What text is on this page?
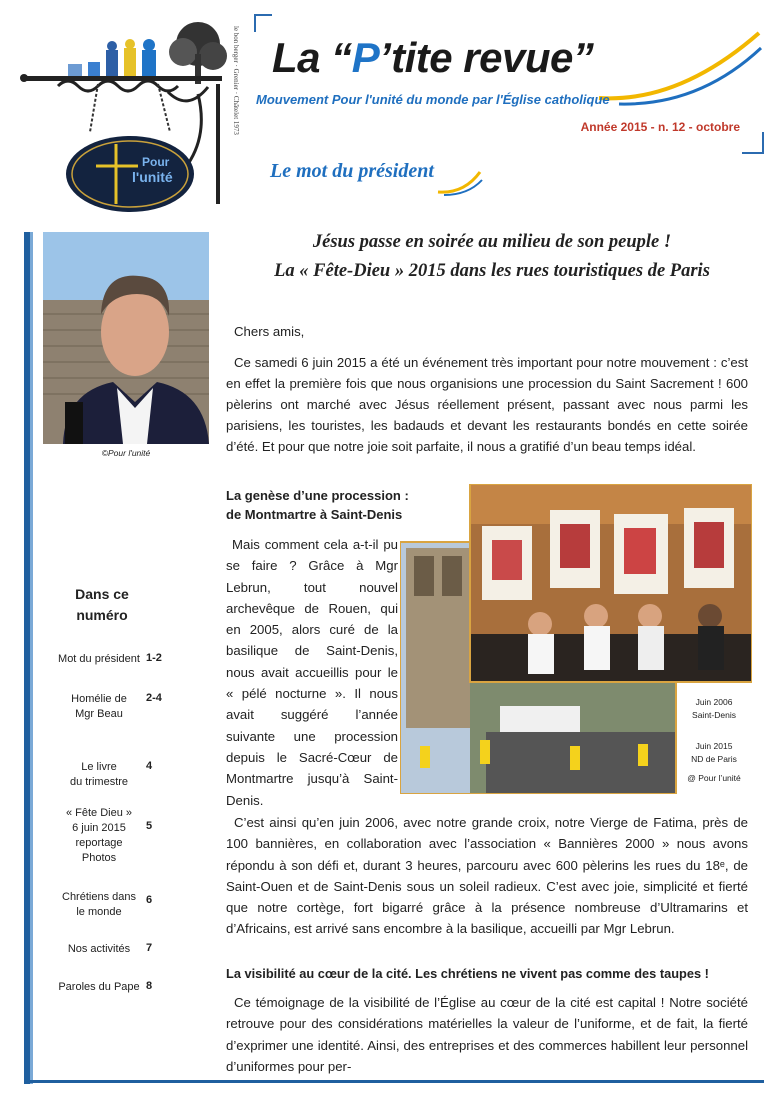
Pour
l'unité
le bon berger · Grenier · Châtelet 1973 La “P’tite revue”
Mouvement Pour l'unité du monde par l'Église catholique
Année 2015 - n. 12 - octobre
Le mot du président
©Pour l'unité
Dans ce
numéro
Mot du président 1-2
Homélie de
Mgr Beau
2-4
Le livre
du trimestre
4
« Fête Dieu »
6 juin 2015
reportage
Photos
5
Chrétiens dans
le monde
6
Nos activités	7
Paroles du Pape 8
Jésus passe en soirée au milieu de son peuple !
La « Fête-Dieu » 2015 dans les rues touristiques de Paris
Chers amis,
Ce samedi 6 juin 2015 a été un événement très important pour notre mouvement : c’est en effet la première fois que nous organisions une procession du Saint Sacrement ! 600 pèlerins ont marché avec Jésus réellement présent, passant avec nous parmi les parisiens, les touristes, les badauds et devant les restaurants bondés en cette soirée d’été. Et pour que notre joie soit parfaite, il nous a gratifié d’un beau temps idéal.
La genèse d’une procession :
de Montmartre à Saint-Denis
Mais comment cela a-t-il pu se faire ? Grâce à Mgr Lebrun, tout nouvel archevêque de Rouen, qui en 2005, alors curé de la basilique de Saint-Denis, nous avait accueillis pour le « pélé nocturne ». Il nous avait suggéré l’année suivante une procession depuis le Sacré-Cœur de Montmartre jusqu’à Saint-Denis.
Juin 2006
Saint-Denis
Juin 2015
ND de Paris
@ Pour l’unité
C’est ainsi qu’en juin 2006, avec notre grande croix, notre Vierge de Fatima, près de 100 bannières, en collaboration avec l’association « Bannières 2000 » nous avons répondu à son défi et, durant 3 heures, parcouru avec 600 pèlerins les rues du 18ᵉ, de Saint-Ouen et de Saint-Denis sous un soleil radieux. C’est avec joie, simplicité et fierté que notre cortège, fort bigarré grâce à la présence nombreuse d’Ultramarins et d’Africains, est arrivé sans encombre à la basilique, accueilli par Mgr Lebrun.
La visibilité au cœur de la cité. Les chrétiens ne vivent pas comme des taupes !
Ce témoignage de la visibilité de l’Église au cœur de la cité est capital ! Notre société retrouve pour des considérations matérielles la valeur de l’uniforme, et de fait, la fierté d’exprimer une identité. Ainsi, des entreprises et des commerces habillent leur personnel d’uniformes pour per-
